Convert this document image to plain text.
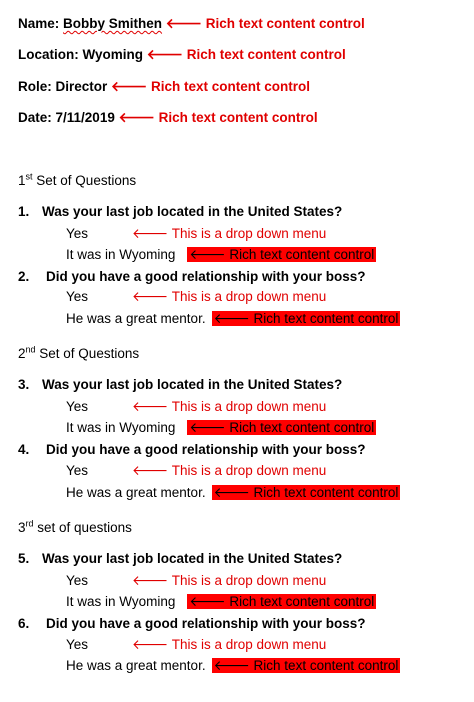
Name: Bobby Smithen 🡐 Rich text content control
Location: Wyoming 🡐 Rich text content control
Role: Director 🡐 Rich text content control
Date: 7/11/2019 🡐 Rich text content control
1st Set of Questions
1. Was your last job located in the United States?
Yes	🡐 This is a drop down menu
It was in Wyoming 🡐 Rich text content control
2. Did you have a good relationship with your boss?
Yes	🡐 This is a drop down menu
He was a great mentor. 🡐 Rich text content control
2nd Set of Questions
3. Was your last job located in the United States?
Yes	🡐 This is a drop down menu
It was in Wyoming 🡐 Rich text content control
4. Did you have a good relationship with your boss?
Yes	🡐 This is a drop down menu
He was a great mentor. 🡐 Rich text content control
3rd set of questions
5. Was your last job located in the United States?
Yes	🡐 This is a drop down menu
It was in Wyoming 🡐 Rich text content control
6. Did you have a good relationship with your boss?
Yes	🡐 This is a drop down menu
He was a great mentor. 🡐 Rich text content control
